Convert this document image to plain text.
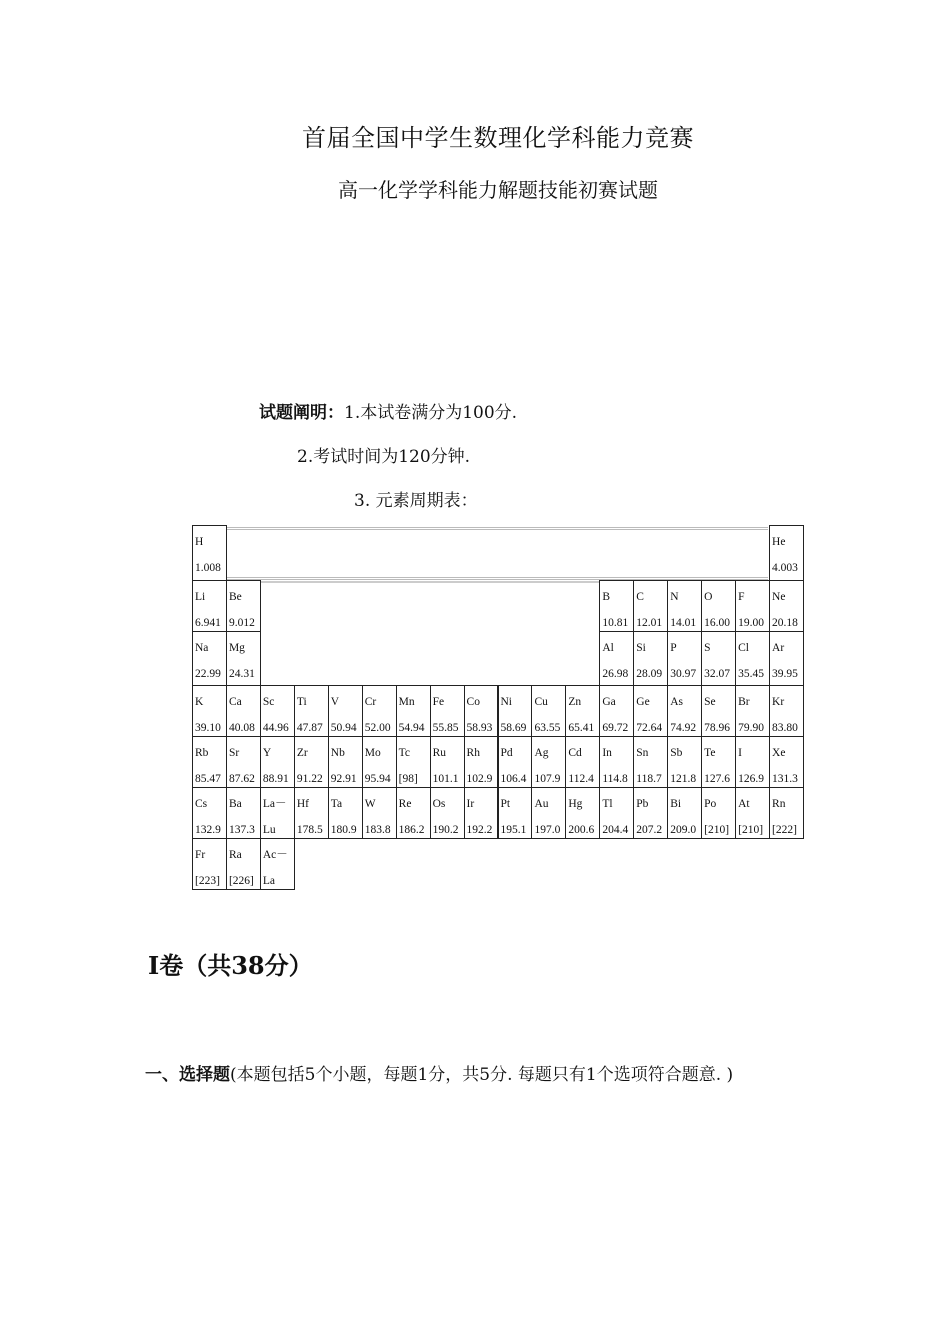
首届全国中学生数理化学科能力竞赛
高一化学学科能力解题技能初赛试题
试题阐明：1.本试卷满分为100分.
2.考试时间为120分钟.
3. 元素周期表：
H
1.008
He
4.003
Li
6.941
Be
9.012
B
10.81
C
12.01
N
14.01
O
16.00
F
19.00
Ne
20.18
Na
22.99
Mg
24.31
Al
26.98
Si
28.09
P
30.97
S
32.07
Cl
35.45
Ar
39.95
K
39.10
Ca
40.08
Sc
44.96
Ti
47.87
V
50.94
Cr
52.00
Mn
54.94
Fe
55.85
Co
58.93
Ni
58.69
Cu
63.55
Zn
65.41
Ga
69.72
Ge
72.64
As
74.92
Se
78.96
Br
79.90
Kr
83.80
Rb
85.47
Sr
87.62
Y
88.91
Zr
91.22
Nb
92.91
Mo
95.94
Tc
[98]
Ru
101.1
Rh
102.9
Pd
106.4
Ag
107.9
Cd
112.4
In
114.8
Sn
118.7
Sb
121.8
Te
127.6
I
126.9
Xe
131.3
Cs
132.9
Ba
137.3
La－
Lu
Hf
178.5
Ta
180.9
W
183.8
Re
186.2
Os
190.2
Ir
192.2
Pt
195.1
Au
197.0
Hg
200.6
Tl
204.4
Pb
207.2
Bi
209.0
Po
[210]
At
[210]
Rn
[222]
Fr
[223]
Ra
[226]
Ac－
La
Ⅰ卷（共38分）
一、选择题(本题包括5个小题，每题1分，共5分. 每题只有1个选项符合题意. )
